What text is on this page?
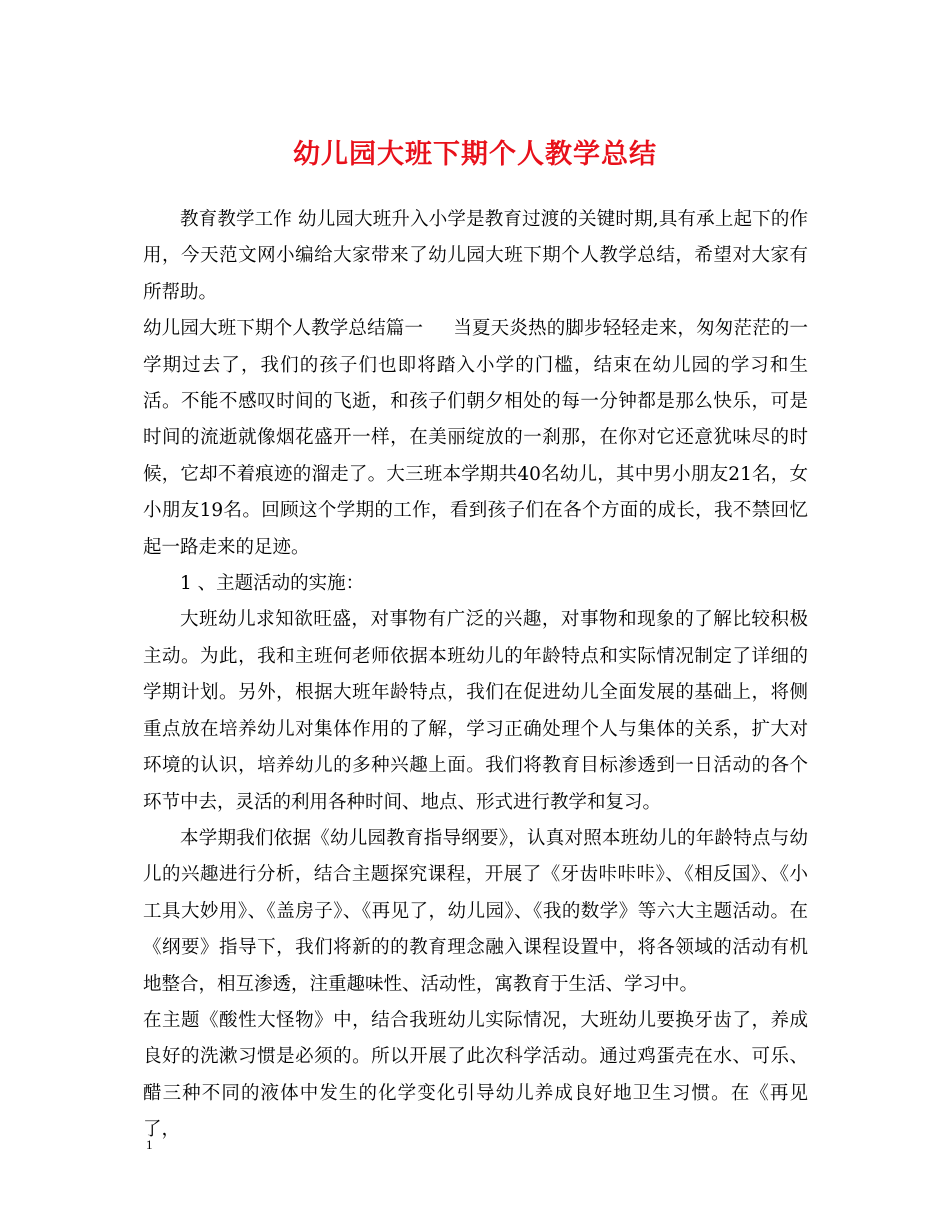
幼儿园大班下期个人教学总结

教育教学工作 幼儿园大班升入小学是教育过渡的关键时期,具有承上起下的作用，今天范文网小编给大家带来了幼儿园大班下期个人教学总结，希望对大家有所帮助。

幼儿园大班下期个人教学总结篇一 当夏天炎热的脚步轻轻走来，匆匆茫茫的一学期过去了，我们的孩子们也即将踏入小学的门槛，结束在幼儿园的学习和生活。不能不感叹时间的飞逝，和孩子们朝夕相处的每一分钟都是那么快乐，可是时间的流逝就像烟花盛开一样，在美丽绽放的一刹那，在你对它还意犹味尽的时候，它却不着痕迹的溜走了。大三班本学期共40名幼儿，其中男小朋友21名，女小朋友19名。回顾这个学期的工作，看到孩子们在各个方面的成长，我不禁回忆起一路走来的足迹。

1 、主题活动的实施：

大班幼儿求知欲旺盛，对事物有广泛的兴趣，对事物和现象的了解比较积极主动。为此，我和主班何老师依据本班幼儿的年龄特点和实际情况制定了详细的学期计划。另外，根据大班年龄特点，我们在促进幼儿全面发展的基础上，将侧重点放在培养幼儿对集体作用的了解，学习正确处理个人与集体的关系，扩大对环境的认识，培养幼儿的多种兴趣上面。我们将教育目标渗透到一日活动的各个环节中去，灵活的利用各种时间、地点、形式进行教学和复习。

本学期我们依据《幼儿园教育指导纲要》，认真对照本班幼儿的年龄特点与幼儿的兴趣进行分析，结合主题探究课程，开展了《牙齿咔咔咔》、《相反国》、《小工具大妙用》、《盖房子》、《再见了，幼儿园》、《我的数学》等六大主题活动。在《纲要》指导下，我们将新的的教育理念融入课程设置中，将各领域的活动有机地整合，相互渗透，注重趣味性、活动性，寓教育于生活、学习中。

在主题《酸性大怪物》中，结合我班幼儿实际情况，大班幼儿要换牙齿了，养成良好的洗漱习惯是必须的。所以开展了此次科学活动。通过鸡蛋壳在水、可乐、醋三种不同的液体中发生的化学变化引导幼儿养成良好地卫生习惯。在《再见了，

1
